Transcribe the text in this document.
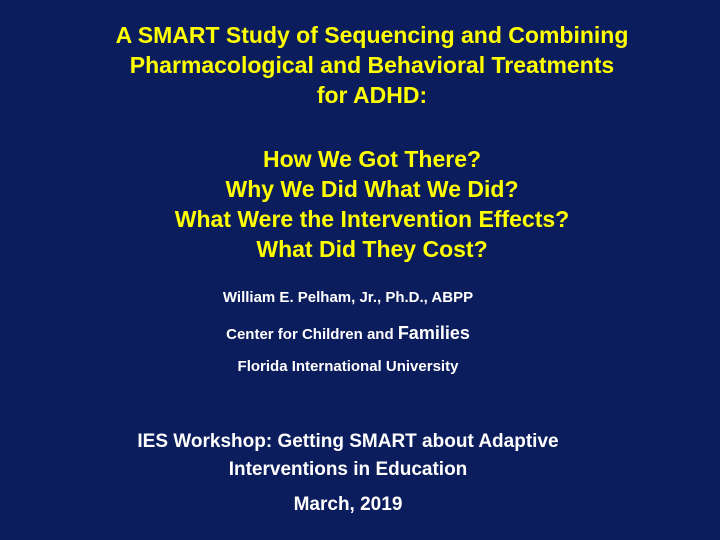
A SMART Study of Sequencing and Combining
Pharmacological and Behavioral Treatments
for ADHD:
How We Got There?
Why We Did What We Did?
What Were the Intervention Effects?
What Did They Cost?
William E. Pelham, Jr., Ph.D., ABPP
Center for Children and Families
Florida International University
IES Workshop: Getting SMART about Adaptive
Interventions in Education
March, 2019
